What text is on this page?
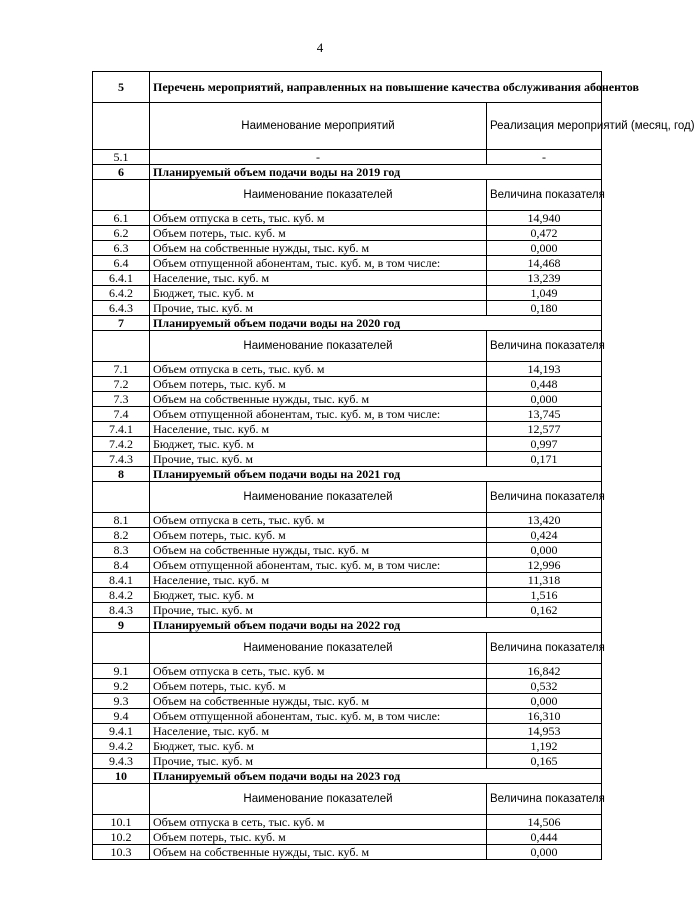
4
5	Перечень мероприятий, направленных на повышение качества обслуживания абонентов	
	Наименование мероприятий	Реализация мероприятий (месяц, год)
5.1	-	-
6	Планируемый объем подачи воды на 2019 год	
	Наименование показателей	Величина показателя
6.1	Объем отпуска в сеть, тыс. куб. м	14,940
6.2	Объем потерь, тыс. куб. м	0,472
6.3	Объем на собственные нужды, тыс. куб. м	0,000
6.4	Объем отпущенной абонентам, тыс. куб. м, в том числе:	14,468
6.4.1	Население, тыс. куб. м	13,239
6.4.2	Бюджет, тыс. куб. м	1,049
6.4.3	Прочие, тыс. куб. м	0,180
7	Планируемый объем подачи воды на 2020 год	
	Наименование показателей	Величина показателя
7.1	Объем отпуска в сеть, тыс. куб. м	14,193
7.2	Объем потерь, тыс. куб. м	0,448
7.3	Объем на собственные нужды, тыс. куб. м	0,000
7.4	Объем отпущенной абонентам, тыс. куб. м, в том числе:	13,745
7.4.1	Население, тыс. куб. м	12,577
7.4.2	Бюджет, тыс. куб. м	0,997
7.4.3	Прочие, тыс. куб. м	0,171
8	Планируемый объем подачи воды на 2021 год	
	Наименование показателей	Величина показателя
8.1	Объем отпуска в сеть, тыс. куб. м	13,420
8.2	Объем потерь, тыс. куб. м	0,424
8.3	Объем на собственные нужды, тыс. куб. м	0,000
8.4	Объем отпущенной абонентам, тыс. куб. м, в том числе:	12,996
8.4.1	Население, тыс. куб. м	11,318
8.4.2	Бюджет, тыс. куб. м	1,516
8.4.3	Прочие, тыс. куб. м	0,162
9	Планируемый объем подачи воды на 2022 год	
	Наименование показателей	Величина показателя
9.1	Объем отпуска в сеть, тыс. куб. м	16,842
9.2	Объем потерь, тыс. куб. м	0,532
9.3	Объем на собственные нужды, тыс. куб. м	0,000
9.4	Объем отпущенной абонентам, тыс. куб. м, в том числе:	16,310
9.4.1	Население, тыс. куб. м	14,953
9.4.2	Бюджет, тыс. куб. м	1,192
9.4.3	Прочие, тыс. куб. м	0,165
10	Планируемый объем подачи воды на 2023 год	
	Наименование показателей	Величина показателя
10.1	Объем отпуска в сеть, тыс. куб. м	14,506
10.2	Объем потерь, тыс. куб. м	0,444
10.3	Объем на собственные нужды, тыс. куб. м	0,000
